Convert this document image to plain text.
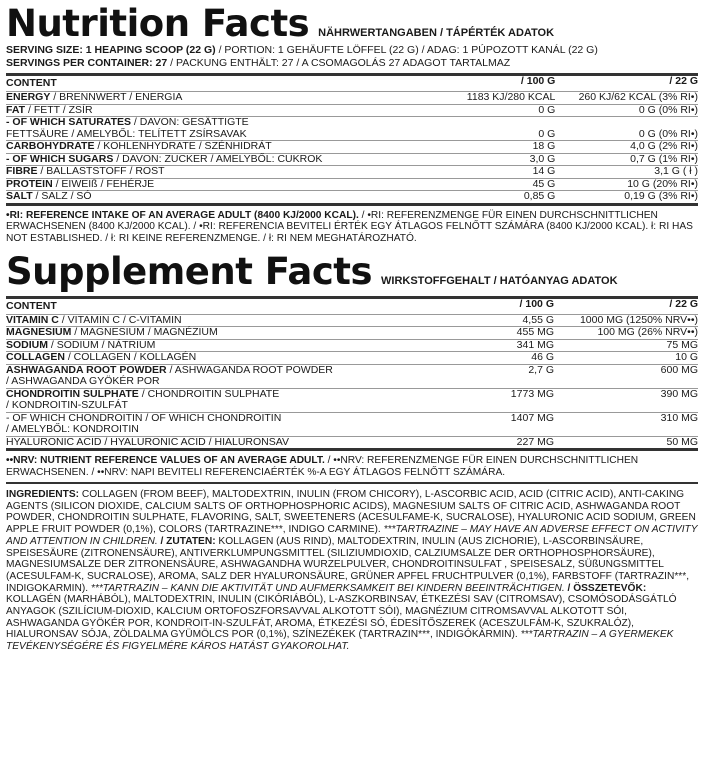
Nutrition Facts NÄHRWERTANGABEN / TÁPÉRTÉK ADATOK
SERVING SIZE: 1 HEAPING SCOOP (22 G) / PORTION: 1 GEHÄUFTE LÖFFEL (22 G) / ADAG: 1 PÚPOZOTT KANÁL (22 G)
SERVINGS PER CONTAINER: 27 / PACKUNG ENTHÄLT: 27 / A CSOMAGOLÁS 27 ADAGOT TARTALMAZ
CONTENT	/ 100 G	/ 22 G
ENERGY / BRENNWERT / ENERGIA	1183 KJ/280 KCAL	260 KJ/62 KCAL (3% RI•)
FAT / FETT / ZSÍR	0 G	0 G (0% RI•)
- OF WHICH SATURATES / DAVON: GESÄTTIGTE		
FETTSÄURE / AMELYBŐL: TELÍTETT ZSÍRSAVAK	0 G	0 G (0% RI•)
CARBOHYDRATE / KOHLENHYDRATE / SZÉNHIDRÁT	18 G	4,0 G (2% RI•)
- OF WHICH SUGARS / DAVON: ZUCKER / AMELYBŐL: CUKROK	3,0 G	0,7 G (1% RI•)
FIBRE / BALLASTSTOFF / ROST	14 G	3,1 G ( ł )
PROTEIN / EIWEIß / FEHÉRJE	45 G	10 G (20% RI•)
SALT / SALZ / SÓ	0,85 G	0,19 G (3% RI•)
•RI: REFERENCE INTAKE OF AN AVERAGE ADULT (8400 KJ/2000 KCAL). / •RI: REFERENZMENGE FÜR EINEN DURCHSCHNITTLICHEN ERWACHSENEN (8400 KJ/2000 KCAL). / •RI: REFERENCIA BEVITELI ÉRTÉK EGY ÁTLAGOS FELNŐTT SZÁMÁRA (8400 KJ/2000 KCAL). ł: RI HAS NOT ESTABLISHED. / ł: RI KEINE REFERENZMENGE. / ł: RI NEM MEGHATÁROZHATÓ.
Supplement Facts WIRKSTOFFGEHALT / HATÓANYAG ADATOK
CONTENT	/ 100 G	/ 22 G
VITAMIN C / VITAMIN C / C-VITAMIN	4,55 G	1000 MG (1250% NRV••)
MAGNESIUM / MAGNESIUM / MAGNÉZIUM	455 MG	100 MG (26% NRV••)
SODIUM / SODIUM / NÁTRIUM	341 MG	75 MG
COLLAGEN / COLLAGEN / KOLLAGÉN	46 G	10 G
ASHWAGANDA ROOT POWDER / ASHWAGANDA ROOT POWDER	2,7 G	600 MG
/ ASHWAGANDA GYÖKÉR POR		
CHONDROITIN SULPHATE / CHONDROITIN SULPHATE	1773 MG	390 MG
/ KONDROITIN-SZULFÁT		
- OF WHICH CHONDROITIN / OF WHICH CHONDROITIN	1407 MG	310 MG
/ AMELYBŐL: KONDROITIN		
HYALURONIC ACID / HYALURONIC ACID / HIALURONSAV	227 MG	50 MG
••NRV: NUTRIENT REFERENCE VALUES OF AN AVERAGE ADULT. / ••NRV: REFERENZMENGE FÜR EINEN DURCHSCHNITTLICHEN ERWACHSENEN. / ••NRV: NAPI BEVITELI REFERENCIAÉRTÉK %-A EGY ÁTLAGOS FELNŐTT SZÁMÁRA.
INGREDIENTS: COLLAGEN (FROM BEEF), MALTODEXTRIN, INULIN (FROM CHICORY), L-ASCORBIC ACID, ACID (CITRIC ACID), ANTI-CAKING AGENTS (SILICON DIOXIDE, CALCIUM SALTS OF ORTHOPHOSPHORIC ACIDS), MAGNESIUM SALTS OF CITRIC ACID, ASHWAGANDA ROOT POWDER, CHONDROITIN SULPHATE, FLAVORING, SALT, SWEETENERS (ACESULFAME-K, SUCRALOSE), HYALURONIC ACID SODIUM, GREEN APPLE FRUIT POWDER (0,1%), COLORS (TARTRAZINE***, INDIGO CARMINE). ***TARTRAZINE – MAY HAVE AN ADVERSE EFFECT ON ACTIVITY AND ATTENTION IN CHILDREN. / ZUTATEN: KOLLAGEN (AUS RIND), MALTODEXTRIN, INULIN (AUS ZICHORIE), L-ASCORBINSÄURE, SPEISESÄURE (ZITRONENSÄURE), ANTIVERKLUMPUNGSMITTEL (SILIZIUMDIOXID, CALZIUMSALZE DER ORTHOPHOSPHORSÄURE), MAGNESIUMSALZE DER ZITRONENSÄURE, ASHWAGANDHA WURZELPULVER, CHONDROITINSULFAT , SPEISESALZ, SÜßUNGSMITTEL (ACESULFAM-K, SUCRALOSE), AROMA, SALZ DER HYALURONSÄURE, GRÜNER APFEL FRUCHTPULVER (0,1%), FARBSTOFF (TARTRAZIN***, INDIGOKARMIN). ***TARTRAZIN – KANN DIE AKTIVITÄT UND AUFMERKSAMKEIT BEI KINDERN BEEINTRÄCHTIGEN. / ÖSSZETEVŐK: KOLLAGÉN (MARHÁBÓL), MALTODEXTRIN, INULIN (CIKÓRIÁBÓL), L-ASZKORBINSAV, ÉTKEZÉSI SAV (CITROMSAV), CSOMÓSODÁSGÁTLÓ ANYAGOK (SZILÍCIUM-DIOXID, KALCIUM ORTOFOSZFORSAVVAL ALKOTOTT SÓI), MAGNÉZIUM CITROMSAVVAL ALKOTOTT SÓI, ASHWAGANDA GYÖKÉR POR, KONDROIT-IN-SZULFÁT, AROMA, ÉTKEZÉSI SÓ, ÉDESÍTŐSZEREK (ACESZULFÁM-K, SZUKRALÓZ), HIALURONSAV SÓJA, ZÖLDALMA GYÜMÖLCS POR (0,1%), SZÍNEZÉKEK (TARTRAZIN***, INDIGÓKÁRMIN). ***TARTRAZIN – A GYERMEKEK TEVÉKENYSÉGÉRE ÉS FIGYELMÉRE KÁROS HATÁST GYAKOROLHAT.
